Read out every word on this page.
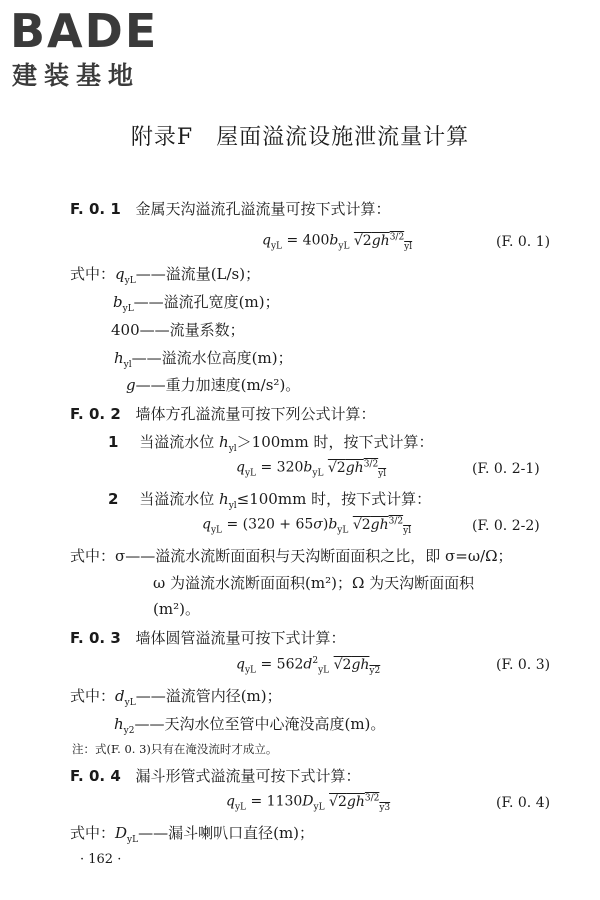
BADE
建装基地
附录F　屋面溢流设施泄流量计算
F. 0. 1 金属天沟溢流孔溢流量可按下式计算：
$q_{yL} = 400b_{yL}$ $√2gh^{3/2}_{yl}$	(F. 0. 1)
式中：$q_{yL}——$溢流量(L/s)；
$b_{yL}——$溢流孔宽度(m)；
400——流量系数；
$h_{yl}——$溢流水位高度(m)；
g——重力加速度(m/s²)。
F. 0. 2 墙体方孔溢流量可按下列公式计算：
1 当溢流水位 $h_{yl}>100mm$ 时，按下式计算：
$q_{yL} = 320b_{yL}$ $√2gh^{3/2}_{yl}$	(F. 0. 2-1)
2 当溢流水位 $h_{yl}\le 100mm$ 时，按下式计算：
$q_{yL} = (320 + 65\sigma)b_{yL}$ $√2gh^{3/2}_{yl}$	(F. 0. 2-2)
式中：σ——溢流水流断面面积与天沟断面面积之比，即 σ=ω/Ω；
ω 为溢流水流断面面积(m²)；Ω 为天沟断面面积
(m²)。
F. 0. 3 墙体圆管溢流量可按下式计算：
$q_{yL} = 562d^2_{yL}$ $√2gh_{y2}$	(F. 0. 3)
式中：$d_{yL}——$溢流管内径(m)；
$h_{y2}——$天沟水位至管中心淹没高度(m)。
注：式(F. 0. 3)只有在淹没流时才成立。
F. 0. 4 漏斗形管式溢流量可按下式计算：
$q_{yL} = 1130D_{yL}$ $√2gh^{3/2}_{y3}$	(F. 0. 4)
式中：$D_{yL}——$漏斗喇叭口直径(m)；
· 162 ·
